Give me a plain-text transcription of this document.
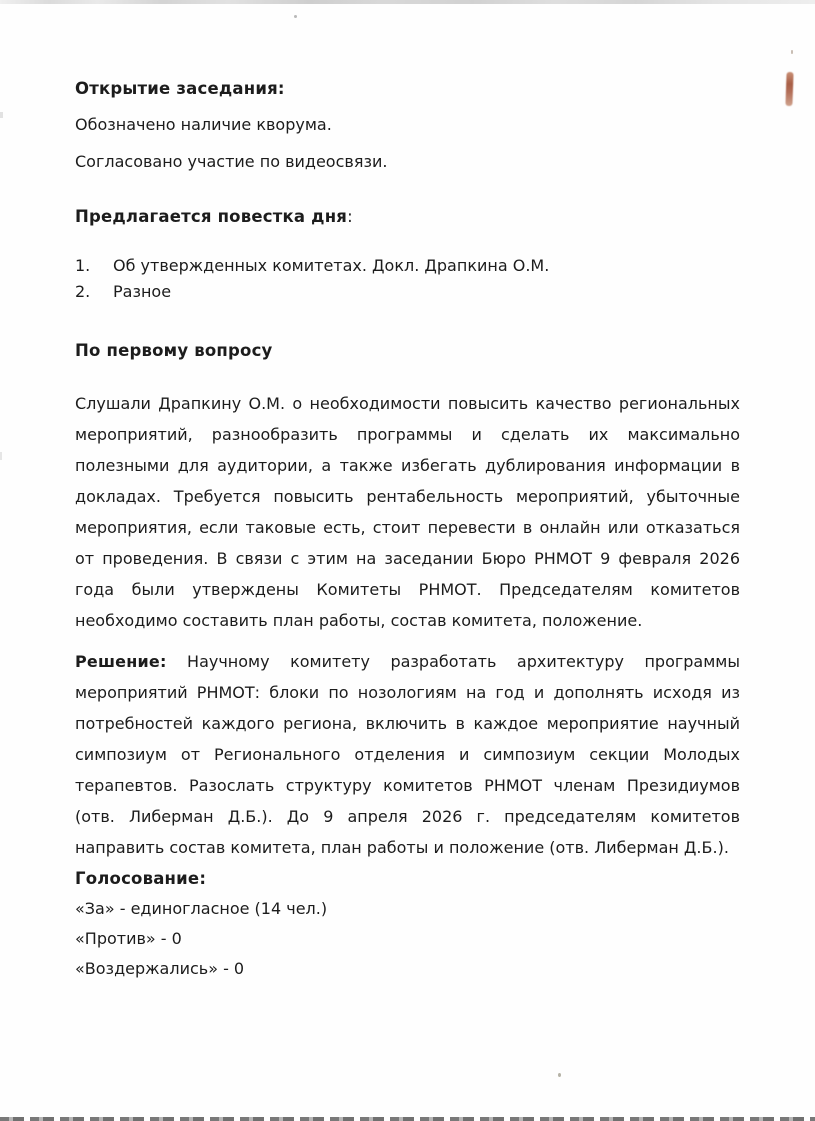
Открытие заседания:

Обозначено наличие кворума.

Согласовано участие по видеосвязи.

Предлагается повестка дня:
1.	Об утвержденных комитетах. Докл. Драпкина О.М.
2.	Разное
По первому вопросу

Слушали Драпкину О.М. о необходимости повысить качество региональных мероприятий, разнообразить программы и сделать их максимально полезными для аудитории, а также избегать дублирования информации в докладах. Требуется повысить рентабельность мероприятий, убыточные мероприятия, если таковые есть, стоит перевести в онлайн или отказаться от проведения. В связи с этим на заседании Бюро РНМОТ 9 февраля 2026 года были утверждены Комитеты РНМОТ. Председателям комитетов необходимо составить план работы, состав комитета, положение.

Решение: Научному комитету разработать архитектуру программы мероприятий РНМОТ: блоки по нозологиям на год и дополнять исходя из потребностей каждого региона, включить в каждое мероприятие научный симпозиум от Регионального отделения и симпозиум секции Молодых терапевтов. Разослать структуру комитетов РНМОТ членам Президиумов (отв. Либерман Д.Б.). До 9 апреля 2026 г. председателям комитетов направить состав комитета, план работы и положение (отв. Либерман Д.Б.).

Голосование:

«За» - единогласное (14 чел.)

«Против» - 0

«Воздержались» - 0
